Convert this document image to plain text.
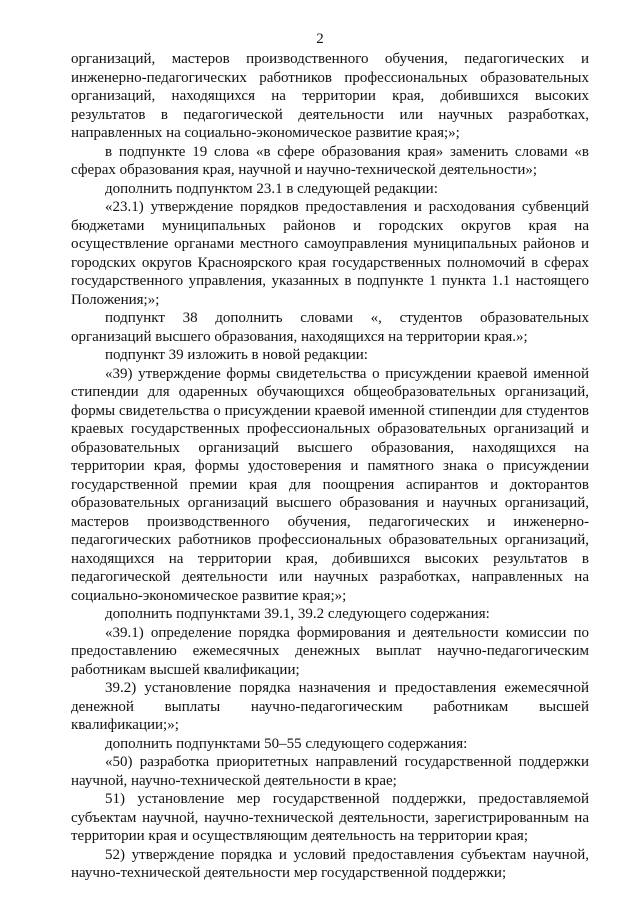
2

организаций, мастеров производственного обучения, педагогических и инженерно-педагогических работников профессиональных образовательных организаций, находящихся на территории края, добившихся высоких результатов в педагогической деятельности или научных разработках, направленных на социально-экономическое развитие края;»;

в подпункте 19 слова «в сфере образования края» заменить словами «в сферах образования края, научной и научно-технической деятельности»;

дополнить подпунктом 23.1 в следующей редакции:

«23.1) утверждение порядков предоставления и расходования субвенций бюджетами муниципальных районов и городских округов края на осуществление органами местного самоуправления муниципальных районов и городских округов Красноярского края государственных полномочий в сферах государственного управления, указанных в подпункте 1 пункта 1.1 настоящего Положения;»;

подпункт 38 дополнить словами «, студентов образовательных организаций высшего образования, находящихся на территории края.»;

подпункт 39 изложить в новой редакции:

«39) утверждение формы свидетельства о присуждении краевой именной стипендии для одаренных обучающихся общеобразовательных организаций, формы свидетельства о присуждении краевой именной стипендии для студентов краевых государственных профессиональных образовательных организаций и образовательных организаций высшего образования, находящихся на территории края, формы удостоверения и памятного знака о присуждении государственной премии края для поощрения аспирантов и докторантов образовательных организаций высшего образования и научных организаций, мастеров производственного обучения, педагогических и инженерно-педагогических работников профессиональных образовательных организаций, находящихся на территории края, добившихся высоких результатов в педагогической деятельности или научных разработках, направленных на социально-экономическое развитие края;»;

дополнить подпунктами 39.1, 39.2 следующего содержания:

«39.1) определение порядка формирования и деятельности комиссии по предоставлению ежемесячных денежных выплат научно-педагогическим работникам высшей квалификации;

39.2) установление порядка назначения и предоставления ежемесячной денежной выплаты научно-педагогическим работникам высшей квалификации;»;

дополнить подпунктами 50–55 следующего содержания:

«50) разработка приоритетных направлений государственной поддержки научной, научно-технической деятельности в крае;

51) установление мер государственной поддержки, предоставляемой субъектам научной, научно-технической деятельности, зарегистрированным на территории края и осуществляющим деятельность на территории края;

52) утверждение порядка и условий предоставления субъектам научной, научно-технической деятельности мер государственной поддержки;
